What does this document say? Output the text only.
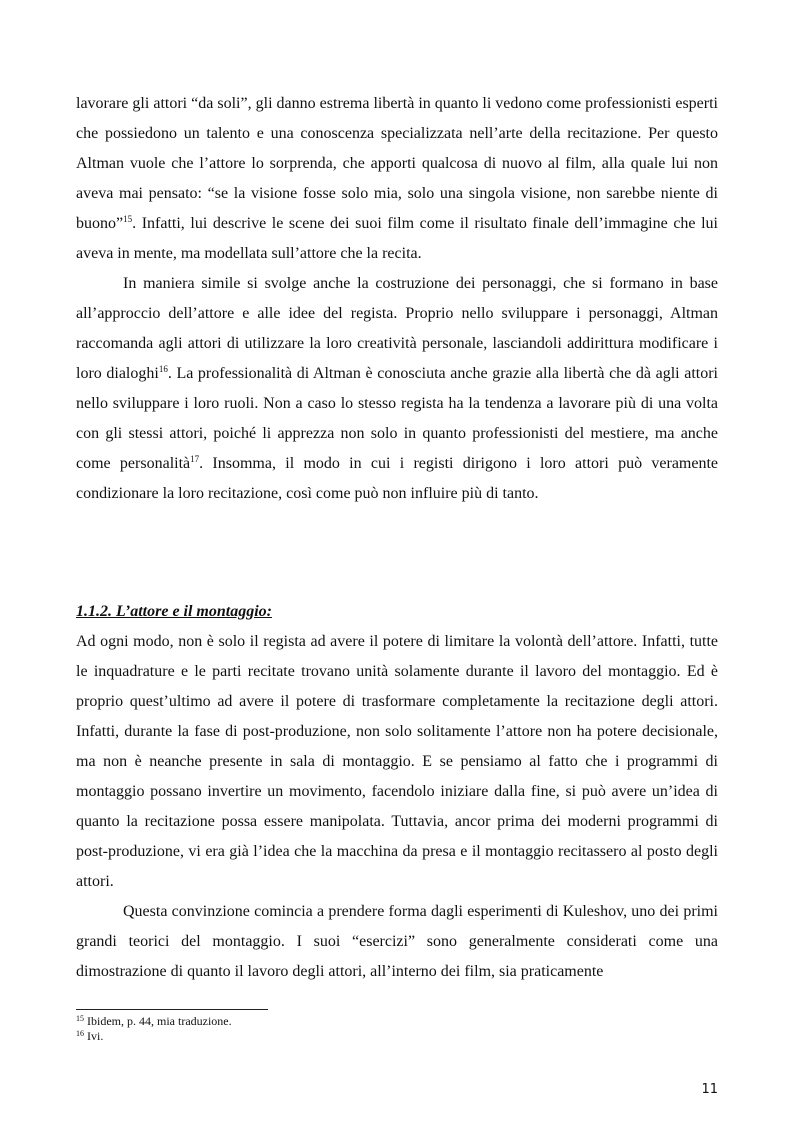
lavorare gli attori “da soli”, gli danno estrema libertà in quanto li vedono come professionisti esperti che possiedono un talento e una conoscenza specializzata nell’arte della recitazione. Per questo Altman vuole che l’attore lo sorprenda, che apporti qualcosa di nuovo al film, alla quale lui non aveva mai pensato: “se la visione fosse solo mia, solo una singola visione, non sarebbe niente di buono”$^{15}$. Infatti, lui descrive le scene dei suoi film come il risultato finale dell’immagine che lui aveva in mente, ma modellata sull’attore che la recita.

In maniera simile si svolge anche la costruzione dei personaggi, che si formano in base all’approccio dell’attore e alle idee del regista. Proprio nello sviluppare i personaggi, Altman raccomanda agli attori di utilizzare la loro creatività personale, lasciandoli addirittura modificare i loro dialoghi$^{16}$. La professionalità di Altman è conosciuta anche grazie alla libertà che dà agli attori nello sviluppare i loro ruoli. Non a caso lo stesso regista ha la tendenza a lavorare più di una volta con gli stessi attori, poiché li apprezza non solo in quanto professionisti del mestiere, ma anche come personalità$^{17}$. Insomma, il modo in cui i registi dirigono i loro attori può veramente condizionare la loro recitazione, così come può non influire più di tanto.

1.1.2. L’attore e il montaggio:

Ad ogni modo, non è solo il regista ad avere il potere di limitare la volontà dell’attore. Infatti, tutte le inquadrature e le parti recitate trovano unità solamente durante il lavoro del montaggio. Ed è proprio quest’ultimo ad avere il potere di trasformare completamente la recitazione degli attori. Infatti, durante la fase di post-produzione, non solo solitamente l’attore non ha potere decisionale, ma non è neanche presente in sala di montaggio. E se pensiamo al fatto che i programmi di montaggio possano invertire un movimento, facendolo iniziare dalla fine, si può avere un’idea di quanto la recitazione possa essere manipolata. Tuttavia, ancor prima dei moderni programmi di post-produzione, vi era già l’idea che la macchina da presa e il montaggio recitassero al posto degli attori.

Questa convinzione comincia a prendere forma dagli esperimenti di Kuleshov, uno dei primi grandi teorici del montaggio. I suoi “esercizi” sono generalmente considerati come una dimostrazione di quanto il lavoro degli attori, all’interno dei film, sia praticamente

$^{15}$ Ibidem, p. 44, mia traduzione.

$^{16}$ Ivi.

11
